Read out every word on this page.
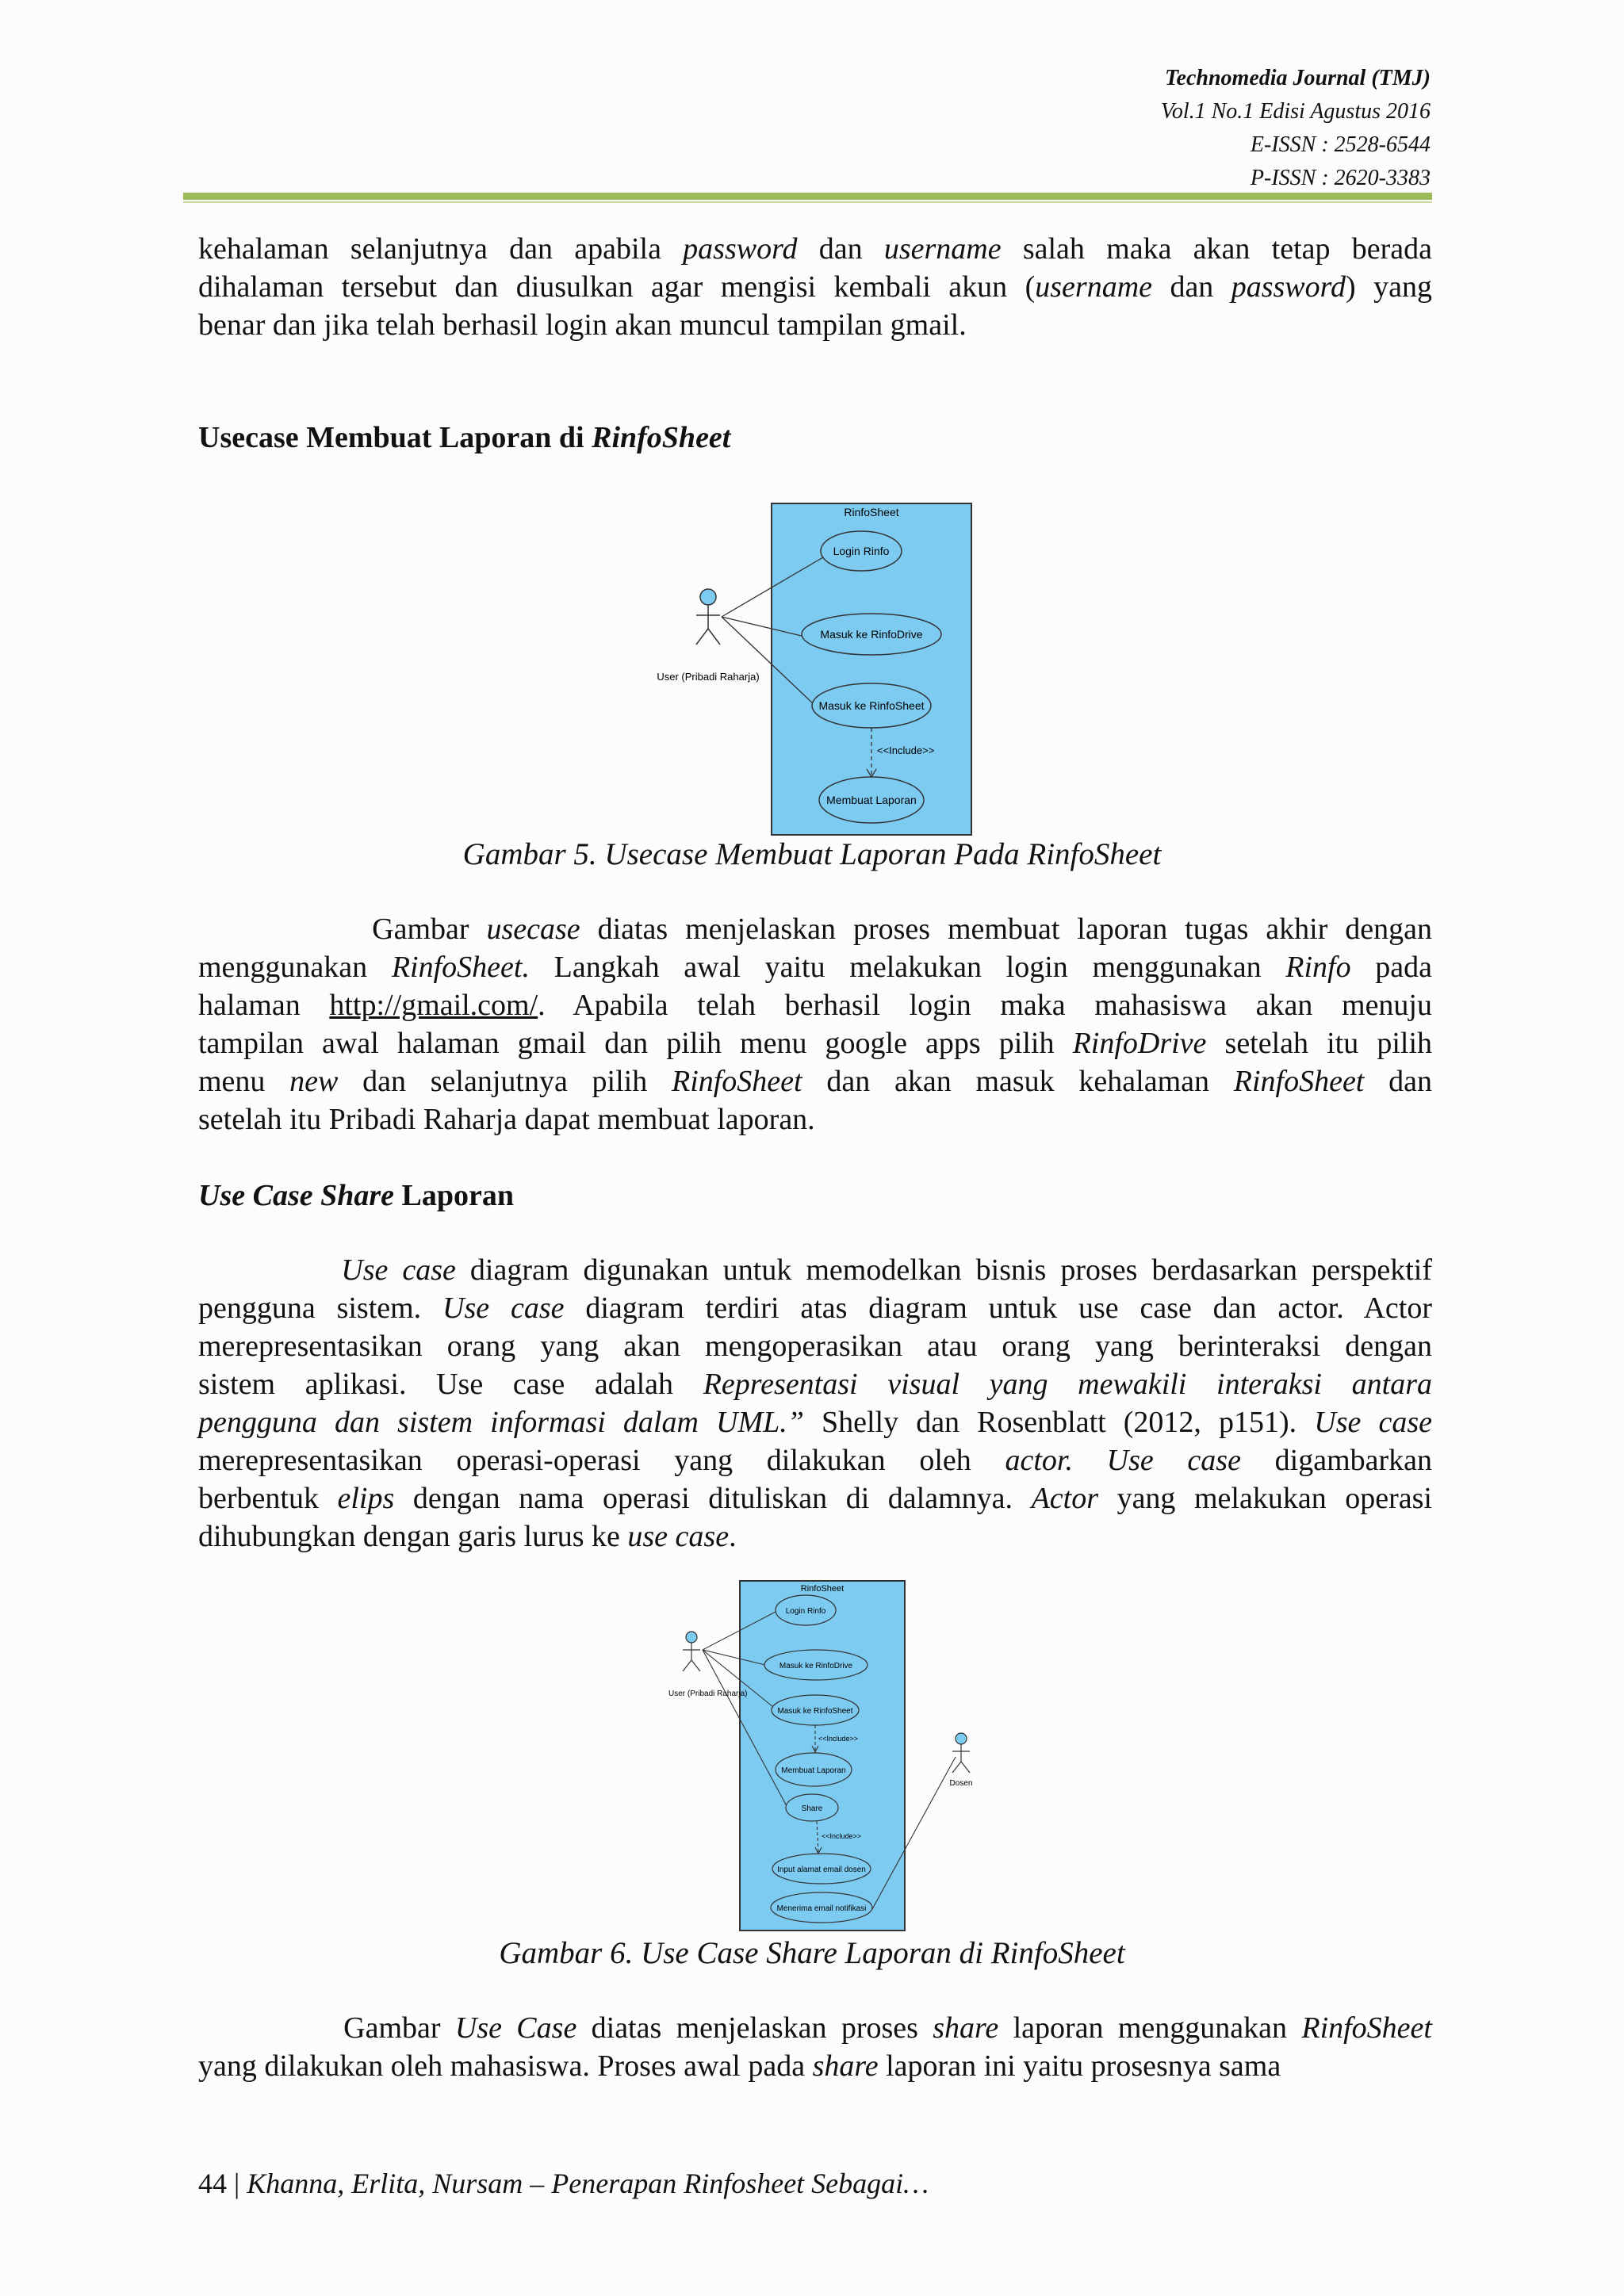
Technomedia Journal (TMJ)
Vol.1 No.1 Edisi Agustus 2016
E-ISSN : 2528-6544
P-ISSN : 2620-3383
kehalaman selanjutnya dan apabila password dan username salah maka akan tetap berada
dihalaman tersebut dan diusulkan agar mengisi kembali akun (username dan password) yang
benar dan jika telah berhasil login akan muncul tampilan gmail.
Usecase Membuat Laporan di RinfoSheet
RinfoSheet
User (Pribadi Raharja)
Login Rinfo
Masuk ke RinfoDrive
Masuk ke RinfoSheet
Membuat Laporan
<<Include>>
Gambar 5. Usecase Membuat Laporan Pada RinfoSheet
Gambar usecase diatas menjelaskan proses membuat laporan tugas akhir dengan
menggunakan RinfoSheet. Langkah awal yaitu melakukan login menggunakan Rinfo pada
halaman http://gmail.com/. Apabila telah berhasil login maka mahasiswa akan menuju
tampilan awal halaman gmail dan pilih menu google apps pilih RinfoDrive setelah itu pilih
menu new dan selanjutnya pilih RinfoSheet dan akan masuk kehalaman RinfoSheet dan
setelah itu Pribadi Raharja dapat membuat laporan.
Use Case Share Laporan
Use case diagram digunakan untuk memodelkan bisnis proses berdasarkan perspektif
pengguna sistem. Use case diagram terdiri atas diagram untuk use case dan actor. Actor
merepresentasikan orang yang akan mengoperasikan atau orang yang berinteraksi dengan
sistem aplikasi. Use case adalah Representasi visual yang mewakili interaksi antara
pengguna dan sistem informasi dalam UML.” Shelly dan Rosenblatt (2012, p151). Use case
merepresentasikan operasi-operasi yang dilakukan oleh actor. Use case digambarkan
berbentuk elips dengan nama operasi dituliskan di dalamnya. Actor yang melakukan operasi
dihubungkan dengan garis lurus ke use case.
RinfoSheet
User (Pribadi Raharja)
Dosen
Login Rinfo
Masuk ke RinfoDrive
Masuk ke RinfoSheet
Membuat Laporan
Share
Input alamat email dosen
Menerima email notifikasi
<<Include>>
<<Include>>
Gambar 6. Use Case Share Laporan di RinfoSheet
Gambar Use Case diatas menjelaskan proses share laporan menggunakan RinfoSheet
yang dilakukan oleh mahasiswa. Proses awal pada share laporan ini yaitu prosesnya sama
44 | Khanna, Erlita, Nursam – Penerapan Rinfosheet Sebagai…
